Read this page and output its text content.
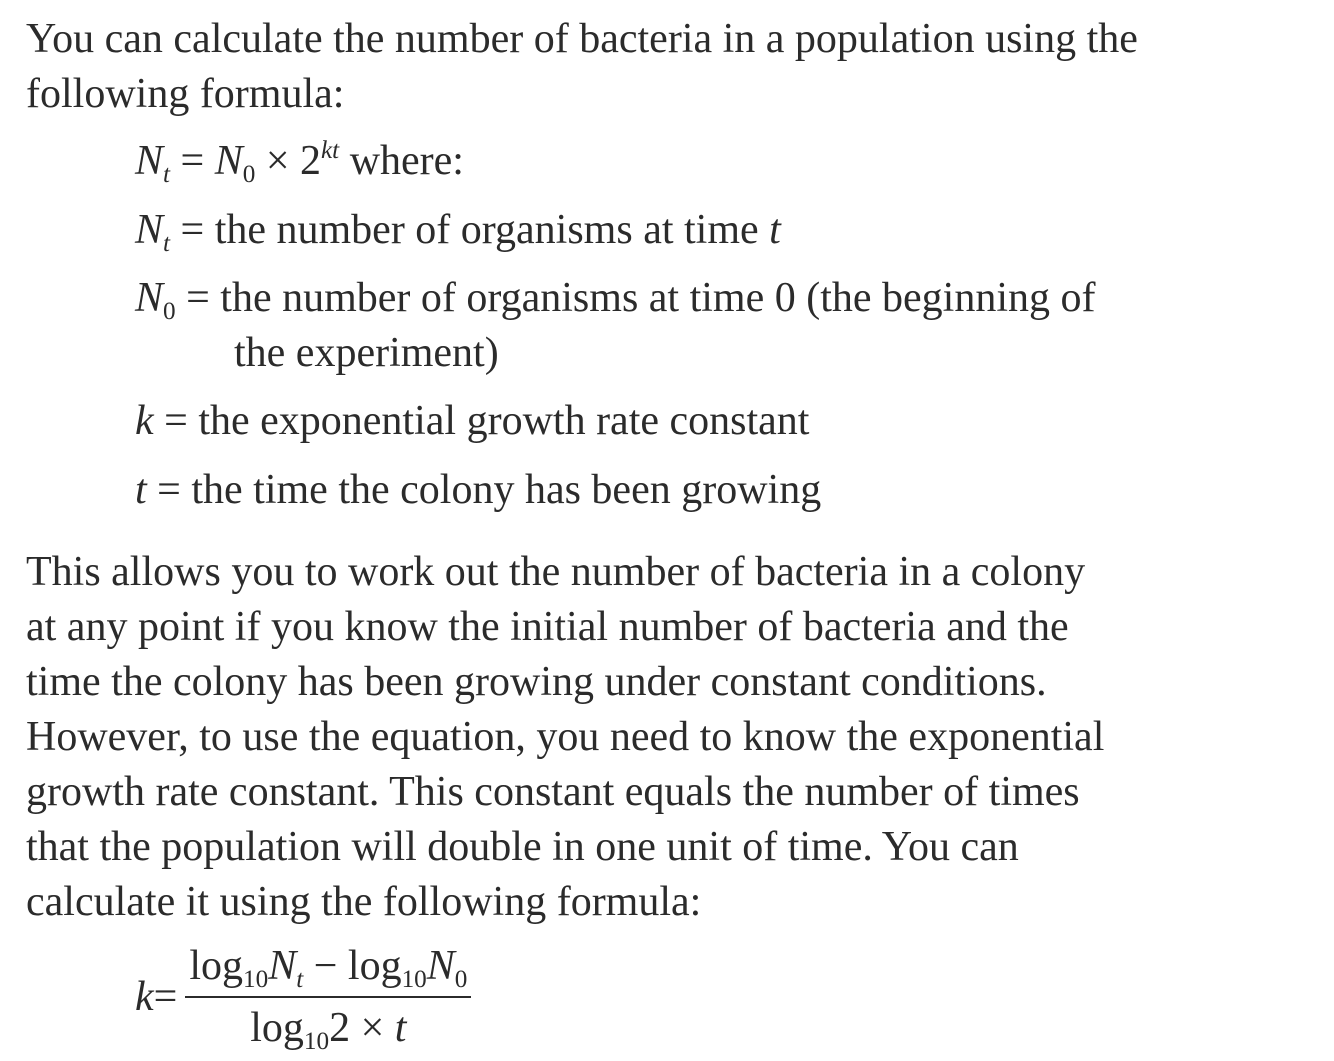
You can calculate the number of bacteria in a population using the
following formula:
$N_t = N_0 \times 2^{kt}$ where:
$N_t$ = the number of organisms at time t
$N_0$ = the number of organisms at time 0 (the beginning of
the experiment)
k = the exponential growth rate constant
t = the time the colony has been growing
This allows you to work out the number of bacteria in a colony
at any point if you know the initial number of bacteria and the
time the colony has been growing under constant conditions.
However, to use the equation, you need to know the exponential
growth rate constant. This constant equals the number of times
that the population will double in one unit of time. You can
calculate it using the following formula:
$k = \frac{\log_{10}N_t - \log_{10}N_0}{\log_{10}2 \times t}$
